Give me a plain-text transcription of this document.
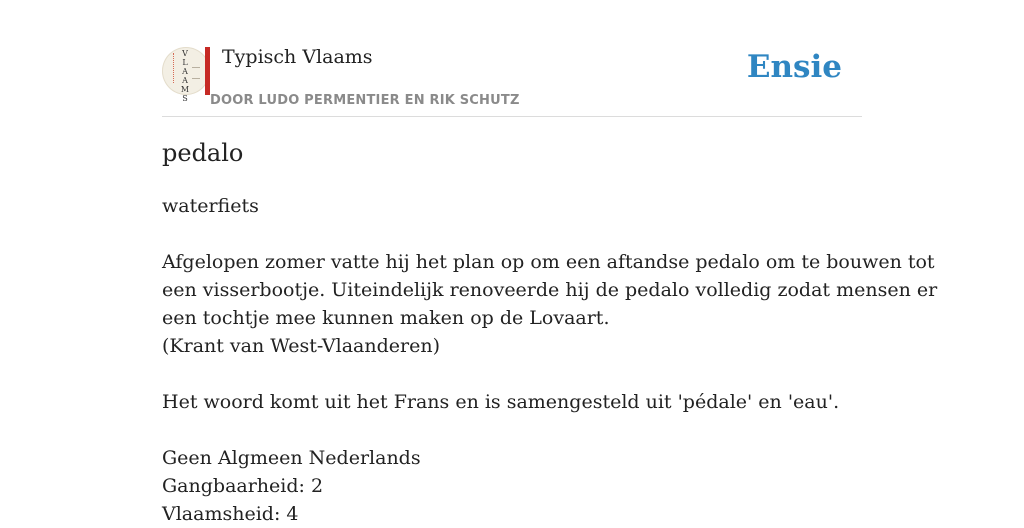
V
L
A
A
M
S
Typisch Vlaams
DOOR LUDO PERMENTIER EN RIK SCHUTZ
Ensie
pedalo
waterfiets
Afgelopen zomer vatte hij het plan op om een aftandse pedalo om te bouwen tot
een visserbootje. Uiteindelijk renoveerde hij de pedalo volledig zodat mensen er
een tochtje mee kunnen maken op de Lovaart.
(Krant van West-Vlaanderen)
Het woord komt uit het Frans en is samengesteld uit 'pédale' en 'eau'.
Geen Algmeen Nederlands
Gangbaarheid: 2
Vlaamsheid: 4
